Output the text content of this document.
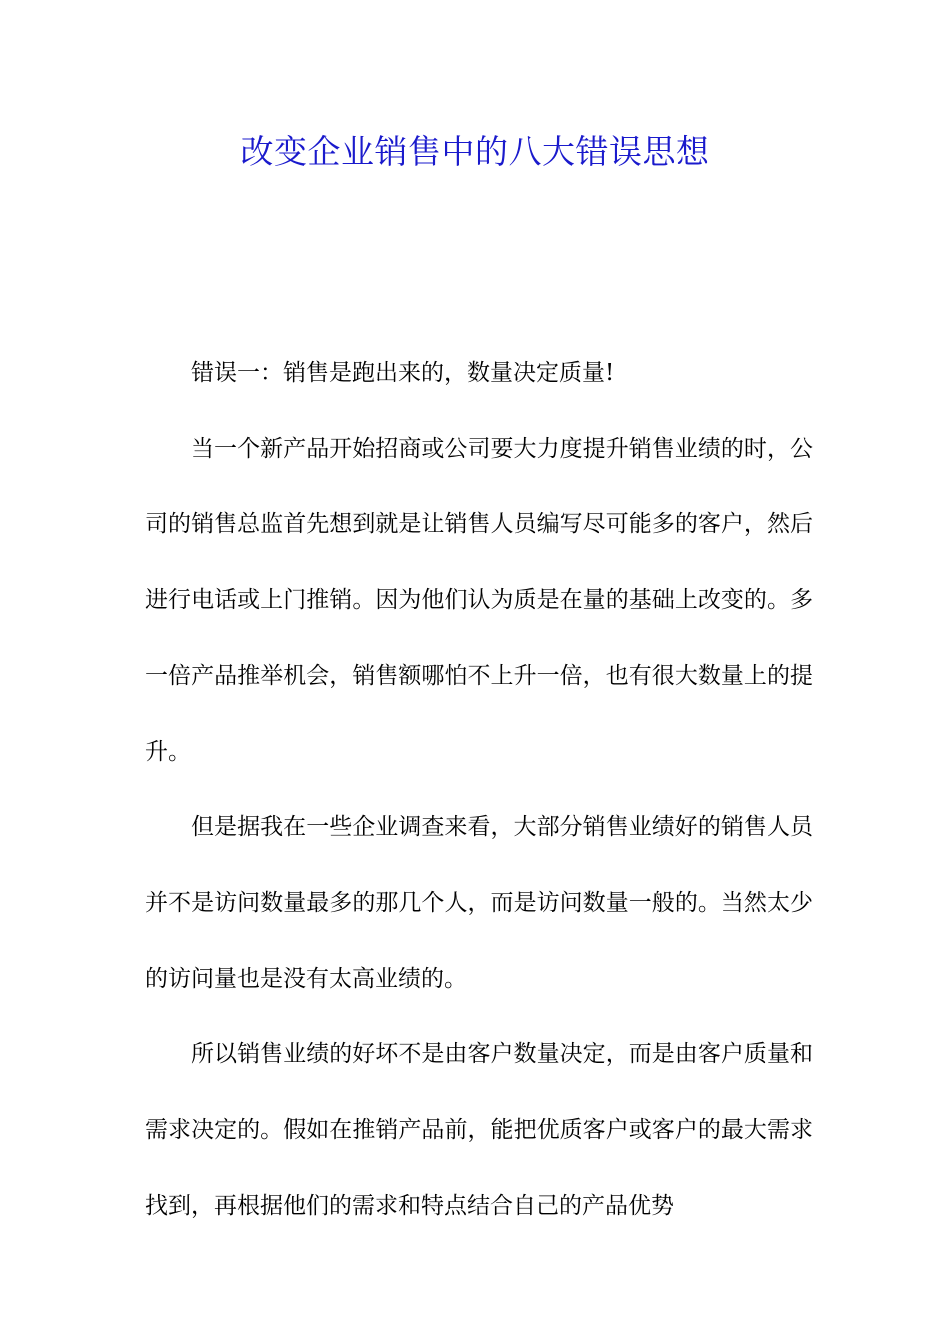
改变企业销售中的八大错误思想

错误一：销售是跑出来的，数量决定质量!

当一个新产品开始招商或公司要大力度提升销售业绩的时，公司的销售总监首先想到就是让销售人员编写尽可能多的客户，然后进行电话或上门推销。因为他们认为质是在量的基础上改变的。多一倍产品推举机会，销售额哪怕不上升一倍，也有很大数量上的提升。

但是据我在一些企业调查来看，大部分销售业绩好的销售人员并不是访问数量最多的那几个人，而是访问数量一般的。当然太少的访问量也是没有太高业绩的。

所以销售业绩的好坏不是由客户数量决定，而是由客户质量和需求决定的。假如在推销产品前，能把优质客户或客户的最大需求找到，再根据他们的需求和特点结合自己的产品优势
